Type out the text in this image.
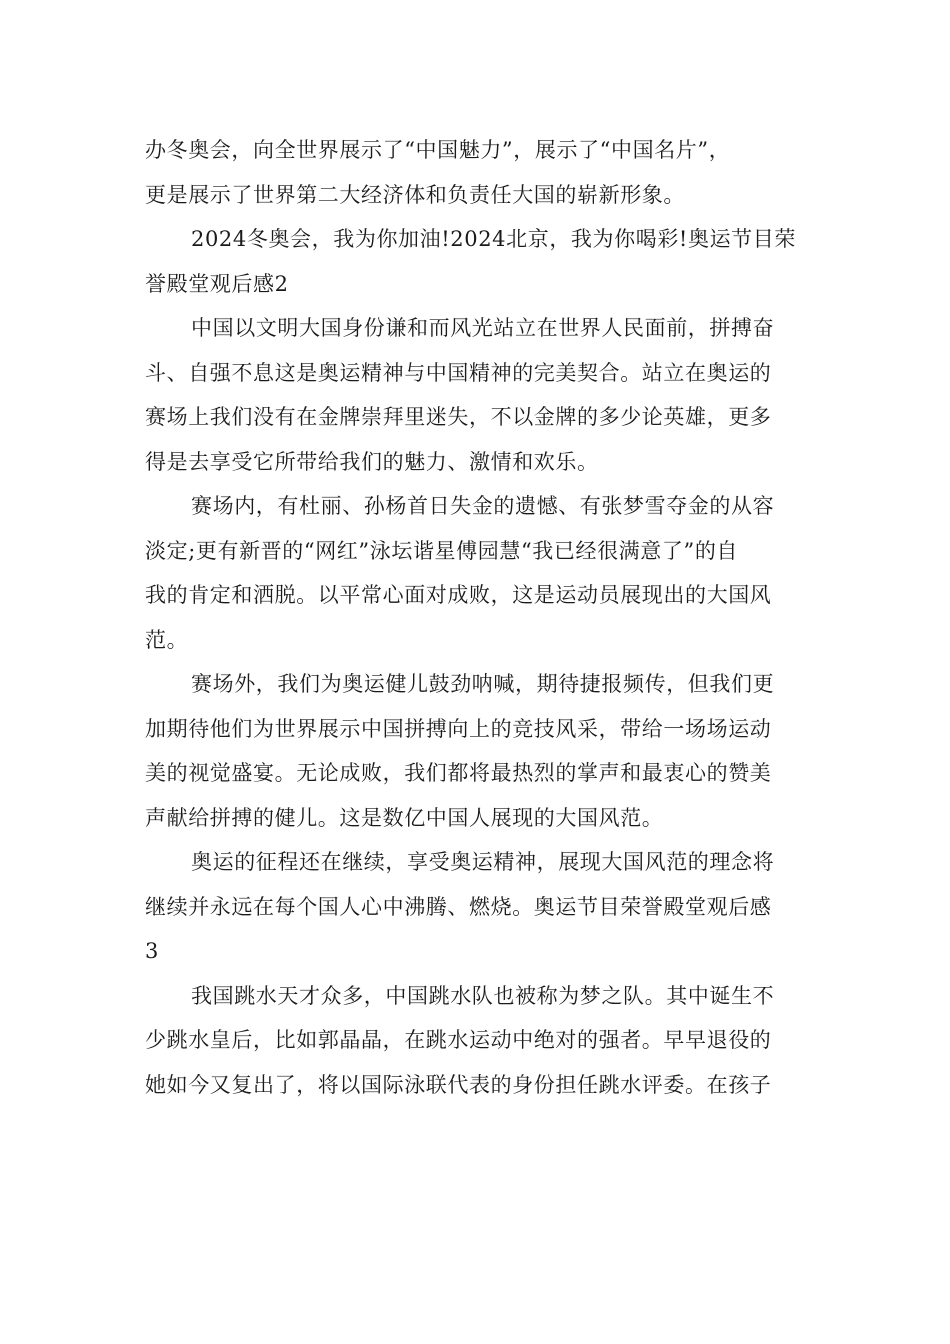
办冬奥会，向全世界展示了“中国魅力”，展示了“中国名片”，
更是展示了世界第二大经济体和负责任大国的崭新形象。
2024冬奥会，我为你加油!2024北京，我为你喝彩!奥运节目荣
誉殿堂观后感2
中国以文明大国身份谦和而风光站立在世界人民面前，拼搏奋
斗、自强不息这是奥运精神与中国精神的完美契合。站立在奥运的
赛场上我们没有在金牌崇拜里迷失，不以金牌的多少论英雄，更多
得是去享受它所带给我们的魅力、激情和欢乐。
赛场内，有杜丽、孙杨首日失金的遗憾、有张梦雪夺金的从容
淡定;更有新晋的“网红”泳坛谐星傅园慧“我已经很满意了”的自
我的肯定和洒脱。以平常心面对成败，这是运动员展现出的大国风
范。
赛场外，我们为奥运健儿鼓劲呐喊，期待捷报频传，但我们更
加期待他们为世界展示中国拼搏向上的竞技风采，带给一场场运动
美的视觉盛宴。无论成败，我们都将最热烈的掌声和最衷心的赞美
声献给拼搏的健儿。这是数亿中国人展现的大国风范。
奥运的征程还在继续，享受奥运精神，展现大国风范的理念将
继续并永远在每个国人心中沸腾、燃烧。奥运节目荣誉殿堂观后感
3
我国跳水天才众多，中国跳水队也被称为梦之队。其中诞生不
少跳水皇后，比如郭晶晶，在跳水运动中绝对的强者。早早退役的
她如今又复出了，将以国际泳联代表的身份担任跳水评委。在孩子
